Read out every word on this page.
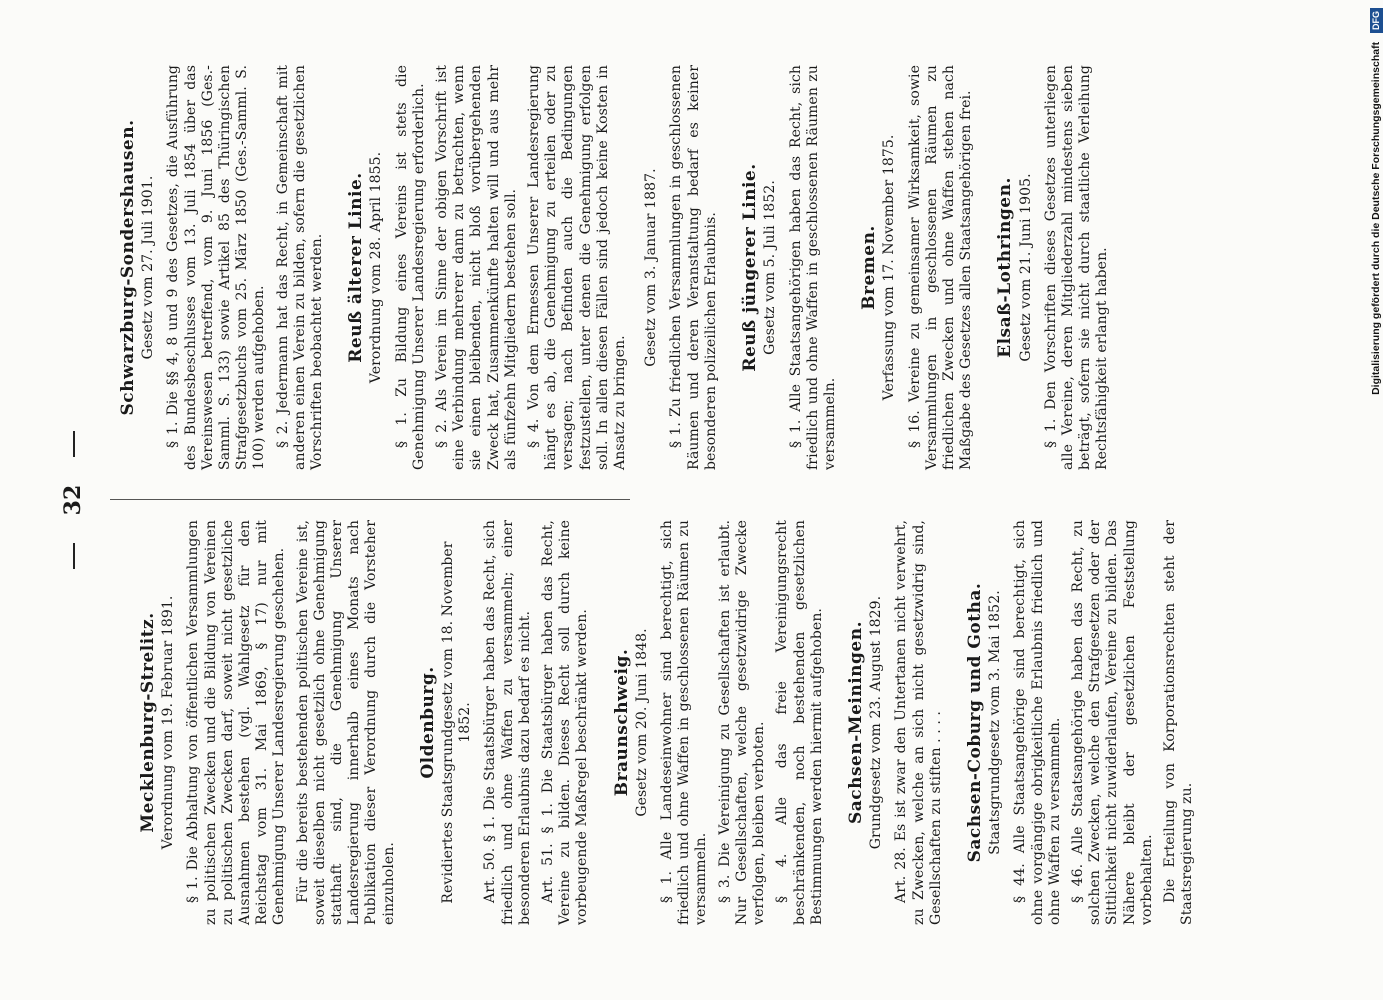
32
Mecklenburg-Strelitz. Verordnung vom 19. Februar 1891. § 1. Die Abhaltung von öffentlichen Versammlungen zu politischen Zwecken und die Bildung von Vereinen zu politischen Zwecken darf, soweit nicht gesetzliche Ausnahmen bestehen (vgl. Wahlgesetz für den Reichstag vom 31. Mai 1869, § 17) nur mit Genehmigung Unserer Landesregierung geschehen. Für die bereits bestehenden politischen Vereine ist, soweit dieselben nicht gesetzlich ohne Genehmigung statthaft sind, die Genehmigung Unserer Landesregierung innerhalb eines Monats nach Publikation dieser Verordnung durch die Vorsteher einzuholen.
Oldenburg. Revidiertes Staatsgrundgesetz vom 18. November 1852. Art. 50. § 1. Die Staatsbürger haben das Recht, sich friedlich und ohne Waffen zu versammeln; einer besonderen Erlaubnis dazu bedarf es nicht. Art. 51. § 1. Die Staatsbürger haben das Recht, Vereine zu bilden. Dieses Recht soll durch keine vorbeugende Maßregel beschränkt werden. Braunschweig. Gesetz vom 20. Juni 1848. § 1. Alle Landeseinwohner sind berechtigt, sich friedlich und ohne Waffen in geschlossenen Räumen zu versammeln. § 3. Die Vereinigung zu Gesellschaften ist erlaubt. Nur Gesellschaften, welche gesetzwidrige Zwecke verfolgen, bleiben verboten. § 4. Alle das freie Vereinigungsrecht beschränkenden, noch bestehenden gesetzlichen Bestimmungen werden hiermit aufgehoben. Sachsen-Meiningen. Grundgesetz vom 23. August 1829. Art. 28. Es ist zwar den Untertanen nicht verwehrt, zu Zwecken, welche an sich nicht gesetzwidrig sind, Gesellschaften zu stiften . . . . Sachsen-Coburg und Gotha. Staatsgrundgesetz vom 3. Mai 1852. § 44. Alle Staatsangehörige sind berechtigt, sich ohne vorgängige obrigkeitliche Erlaubnis friedlich und ohne Waffen zu versammeln. § 46. Alle Staatsangehörige haben das Recht, zu solchen Zwecken, welche den Strafgesetzen oder der Sittlichkeit nicht zuwiderlaufen, Vereine zu bilden. Das Nähere bleibt der gesetzlichen Feststellung vorbehalten. Die Erteilung von Korporationsrechten steht der Staatsregierung zu.
Schwarzburg-Sondershausen. Gesetz vom 27. Juli 1901. § 1. Die §§ 4, 8 und 9 des Gesetzes, die Ausführung des Bundesbeschlusses vom 13. Juli 1854 über das Vereinswesen betreffend, vom 9. Juni 1856 (Ges.-Samml. S. 133) sowie Artikel 85 des Thüringischen Strafgesetzbuchs vom 25. März 1850 (Ges.-Samml. S. 100) werden aufgehoben. § 2. Jedermann hat das Recht, in Gemeinschaft mit anderen einen Verein zu bilden, sofern die gesetzlichen Vorschriften beobachtet werden. Reuß älterer Linie. Verordnung vom 28. April 1855. § 1. Zu Bildung eines Vereins ist stets die Genehmigung Unserer Landesregierung erforderlich. § 2. Als Verein im Sinne der obigen Vorschrift ist eine Verbindung mehrerer dann zu betrachten, wenn sie einen bleibenden, nicht bloß vorübergehenden Zweck hat, Zusammenkünfte halten will und aus mehr als fünfzehn Mitgliedern bestehen soll. § 4. Von dem Ermessen Unserer Landesregierung hängt es ab, die Genehmigung zu erteilen oder zu versagen; nach Befinden auch die Bedingungen festzustellen, unter denen die Genehmigung erfolgen soll. In allen diesen Fällen sind jedoch keine Kosten in Ansatz zu bringen.
Gesetz vom 3. Januar 1887. § 1. Zu friedlichen Versammlungen in geschlossenen Räumen und deren Veranstaltung bedarf es keiner besonderen polizeilichen Erlaubnis. Reuß jüngerer Linie. Gesetz vom 5. Juli 1852. § 1. Alle Staatsangehörigen haben das Recht, sich friedlich und ohne Waffen in geschlossenen Räumen zu versammeln.
Bremen. Verfassung vom 17. November 1875. § 16. Vereine zu gemeinsamer Wirksamkeit, sowie Versammlungen in geschlossenen Räumen zu friedlichen Zwecken und ohne Waffen stehen nach Maßgabe des Gesetzes allen Staatsangehörigen frei. Elsaß-Lothringen. Gesetz vom 21. Juni 1905. § 1. Den Vorschriften dieses Gesetzes unterliegen alle Vereine, deren Mitgliederzahl mindestens sieben beträgt, sofern sie nicht durch staatliche Verleihung Rechtsfähigkeit erlangt haben.	Digitalisierung gefördert durch die Deutsche Forschungsgemeinschaft DFG
